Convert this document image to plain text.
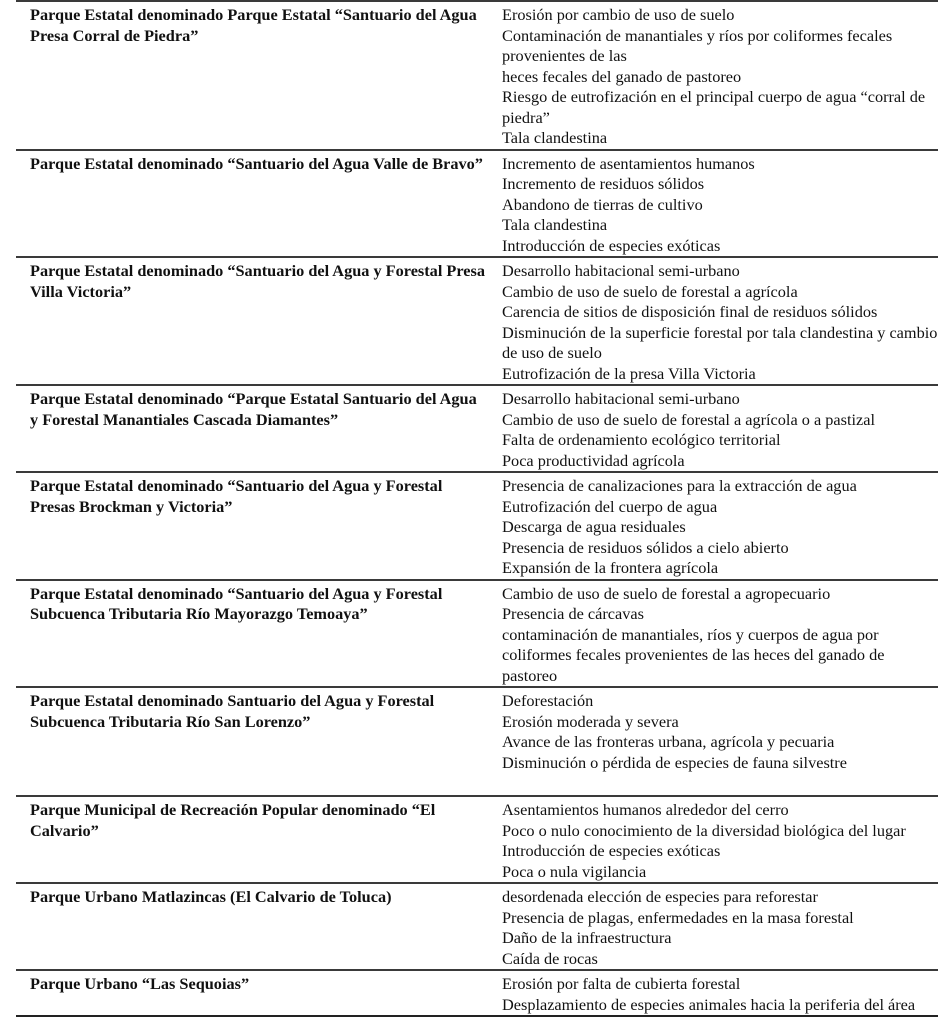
Parque Estatal denominado Parque Estatal “Santuario del Agua Presa Corral de Piedra”	Erosión por cambio de uso de suelo
Contaminación de manantiales y ríos por coliformes fecales provenientes de las
heces fecales del ganado de pastoreo
Riesgo de eutrofización en el principal cuerpo de agua “corral de piedra”
Tala clandestina

Parque Estatal denominado “Santuario del Agua Valle de Bravo”	Incremento de asentamientos humanos
Incremento de residuos sólidos
Abandono de tierras de cultivo
Tala clandestina
Introducción de especies exóticas

Parque Estatal denominado “Santuario del Agua y Forestal Presa Villa Victoria”	Desarrollo habitacional semi-urbano
Cambio de uso de suelo de forestal a agrícola
Carencia de sitios de disposición final de residuos sólidos
Disminución de la superficie forestal por tala clandestina y cambio de uso de suelo
Eutrofización de la presa Villa Victoria

Parque Estatal denominado “Parque Estatal Santuario del Agua y Forestal Manantiales Cascada Diamantes”	Desarrollo habitacional semi-urbano
Cambio de uso de suelo de forestal a agrícola o a pastizal
Falta de ordenamiento ecológico territorial
Poca productividad agrícola

Parque Estatal denominado “Santuario del Agua y Forestal Presas Brockman y Victoria”	Presencia de canalizaciones para la extracción de agua
Eutrofización del cuerpo de agua
Descarga de agua residuales
Presencia de residuos sólidos a cielo abierto
Expansión de la frontera agrícola

Parque Estatal denominado “Santuario del Agua y Forestal Subcuenca Tributaria Río Mayorazgo Temoaya”	Cambio de uso de suelo de forestal a agropecuario
Presencia de cárcavas
contaminación de manantiales, ríos y cuerpos de agua por coliformes fecales provenientes de las heces del ganado de pastoreo

Parque Estatal denominado Santuario del Agua y Forestal Subcuenca Tributaria Río San Lorenzo”	Deforestación
Erosión moderada y severa
Avance de las fronteras urbana, agrícola y pecuaria
Disminución o pérdida de especies de fauna silvestre

Parque Municipal de Recreación Popular denominado “El Calvario”	Asentamientos humanos alrededor del cerro
Poco o nulo conocimiento de la diversidad biológica del lugar
Introducción de especies exóticas
Poca o nula vigilancia

Parque Urbano Matlazincas (El Calvario de Toluca)	desordenada elección de especies para reforestar
Presencia de plagas, enfermedades en la masa forestal
Daño de la infraestructura
Caída de rocas

Parque Urbano “Las Sequoias”	Erosión por falta de cubierta forestal
Desplazamiento de especies animales hacia la periferia del área
